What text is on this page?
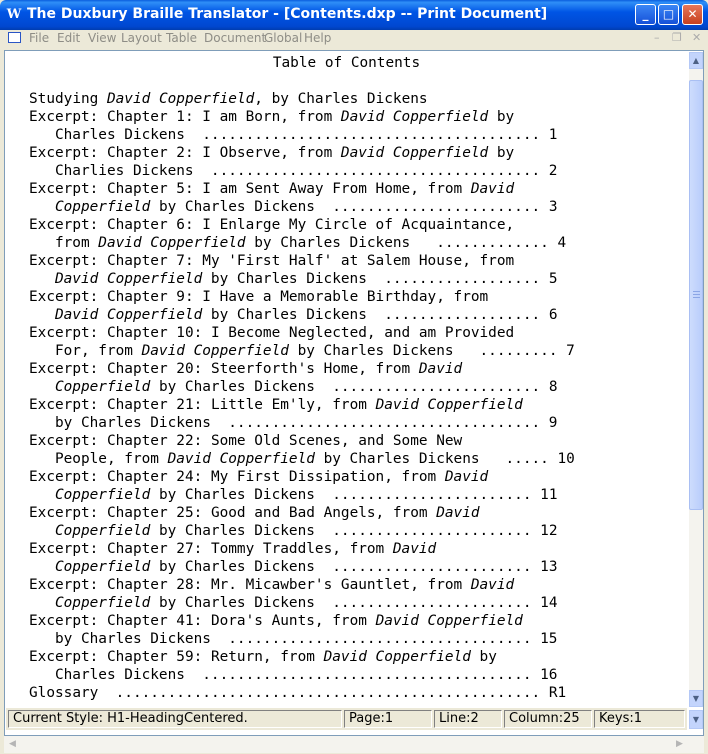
W The Duxbury Braille Translator - [Contents.dxp -- Print Document]	_	□	✕
File Edit View Layout Table Document
Global Help	– ❐ ✕
Table of Contents
Studying David Copperfield, by Charles Dickens
Excerpt: Chapter 1: I am Born, from David Copperfield by
Charles Dickens  ....................................... 1
Excerpt: Chapter 2: I Observe, from David Copperfield by
Charlies Dickens  ...................................... 2
Excerpt: Chapter 5: I am Sent Away From Home, from David
Copperfield by Charles Dickens  ........................ 3
Excerpt: Chapter 6: I Enlarge My Circle of Acquaintance,
from David Copperfield by Charles Dickens   ............. 4
Excerpt: Chapter 7: My 'First Half' at Salem House, from
David Copperfield by Charles Dickens  .................. 5
Excerpt: Chapter 9: I Have a Memorable Birthday, from
David Copperfield by Charles Dickens  .................. 6
Excerpt: Chapter 10: I Become Neglected, and am Provided
For, from David Copperfield by Charles Dickens   ......... 7
Excerpt: Chapter 20: Steerforth's Home, from David
Copperfield by Charles Dickens  ........................ 8
Excerpt: Chapter 21: Little Em'ly, from David Copperfield
by Charles Dickens  .................................... 9
Excerpt: Chapter 22: Some Old Scenes, and Some New
People, from David Copperfield by Charles Dickens   ..... 10
Excerpt: Chapter 24: My First Dissipation, from David
Copperfield by Charles Dickens  ....................... 11
Excerpt: Chapter 25: Good and Bad Angels, from David
Copperfield by Charles Dickens  ....................... 12
Excerpt: Chapter 27: Tommy Traddles, from David
Copperfield by Charles Dickens  ....................... 13
Excerpt: Chapter 28: Mr. Micawber's Gauntlet, from David
Copperfield by Charles Dickens  ....................... 14
Excerpt: Chapter 41: Dora's Aunts, from David Copperfield
by Charles Dickens  ................................... 15
Excerpt: Chapter 59: Return, from David Copperfield by
Charles Dickens  ...................................... 16
Glossary  ................................................. R1
▲
▼
Current Style: H1-HeadingCentered.	Page:1	Line:2	Column:25	Keys:1	▼
◀	▶
